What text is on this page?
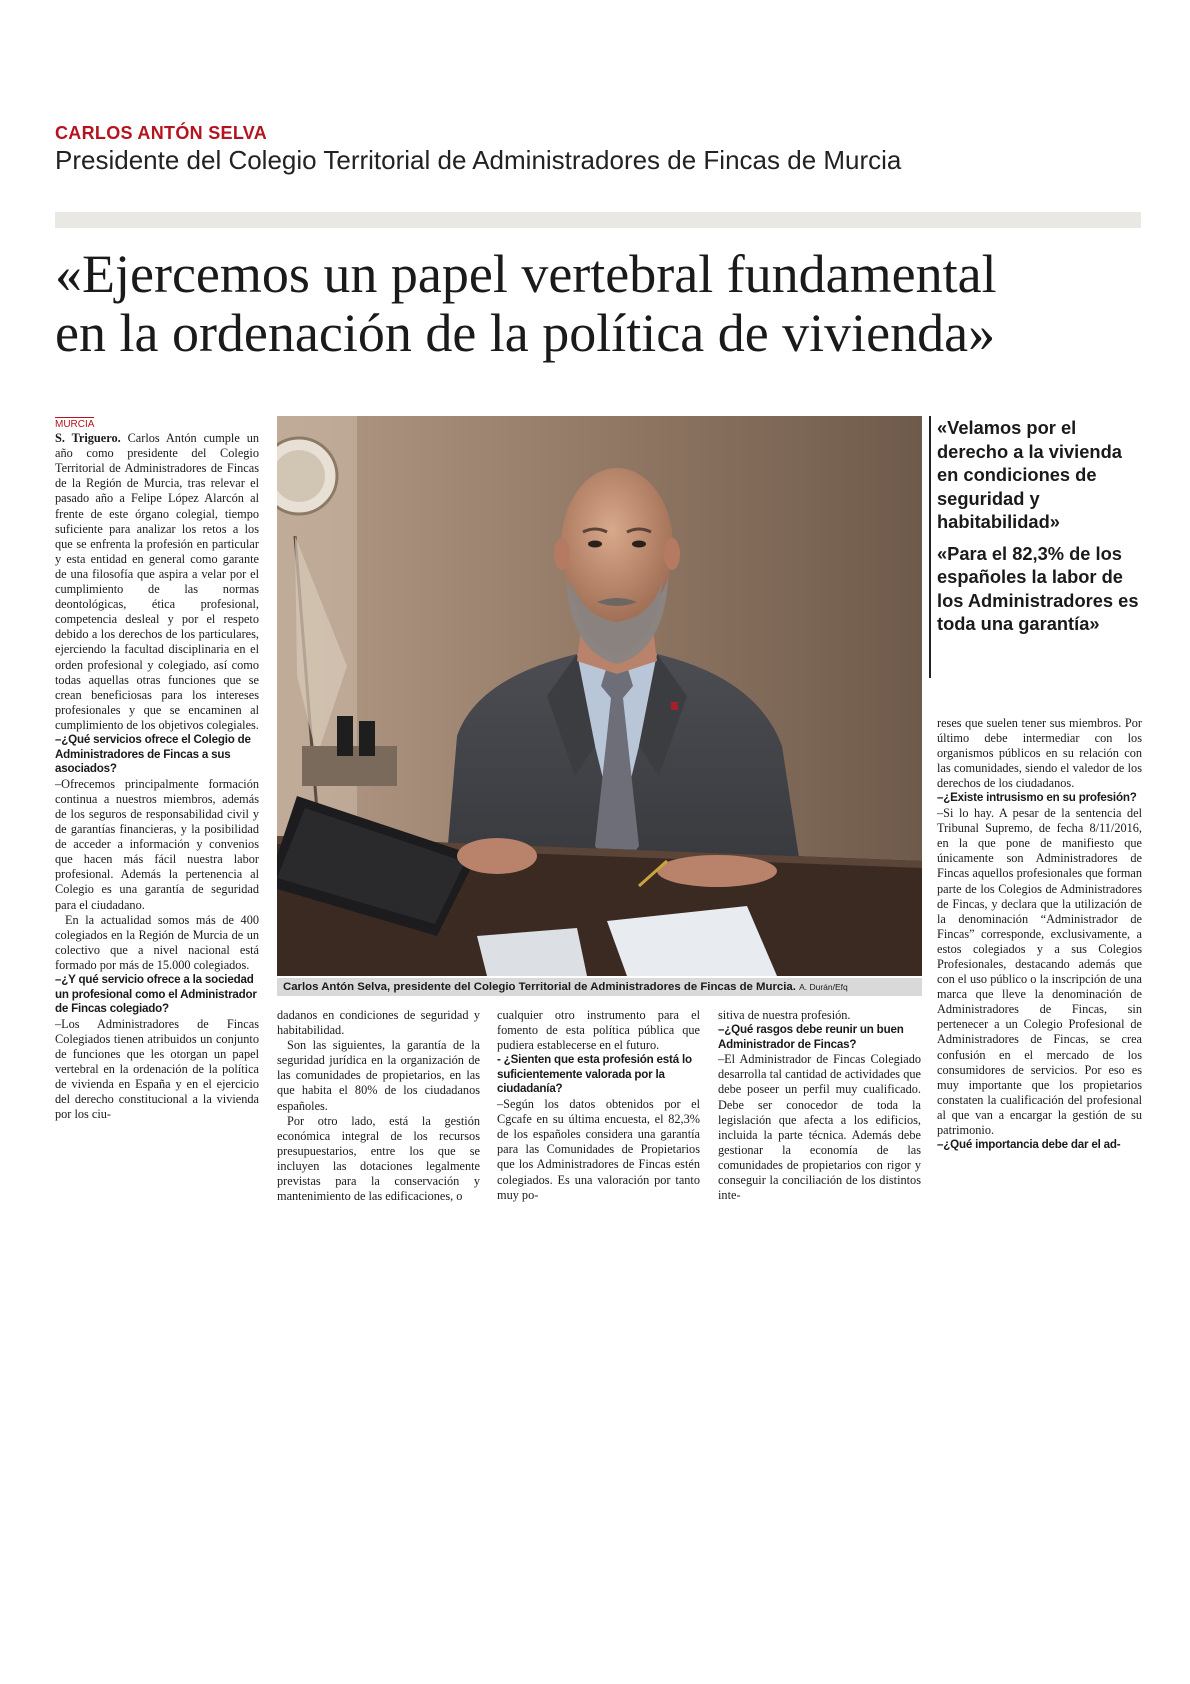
CARLOS ANTÓN SELVA
Presidente del Colegio Territorial de Administradores de Fincas de Murcia
«Ejercemos un papel vertebral fundamental
en la ordenación de la política de vivienda»
MURCIA

S. Triguero. Carlos Antón cumple un año como presidente del Colegio Territorial de Administradores de Fincas de la Región de Murcia, tras relevar el pasado año a Felipe López Alarcón al frente de este órgano colegial, tiempo suficiente para analizar los retos a los que se enfrenta la profesión en particular y esta entidad en general como garante de una filosofía que aspira a velar por el cumplimiento de las normas deontológicas, ética profesional, competencia desleal y por el respeto debido a los derechos de los particulares, ejerciendo la facultad disciplinaria en el orden profesional y colegiado, así como todas aquellas otras funciones que se crean beneficiosas para los intereses profesionales y que se encaminen al cumplimiento de los objetivos colegiales.

–¿Qué servicios ofrece el Colegio de Administradores de Fincas a sus asociados?

–Ofrecemos principalmente formación continua a nuestros miembros, además de los seguros de responsabilidad civil y de garantías financieras, y la posibilidad de acceder a información y convenios que hacen más fácil nuestra labor profesional. Además la pertenencia al Colegio es una garantía de seguridad para el ciudadano.

En la actualidad somos más de 400 colegiados en la Región de Murcia de un colectivo que a nivel nacional está formado por más de 15.000 colegiados.

–¿Y qué servicio ofrece a la sociedad un profesional como el Administrador de Fincas colegiado?

–Los Administradores de Fincas Colegiados tienen atribuidos un conjunto de funciones que les otorgan un papel vertebral en la ordenación de la política de vivienda en España y en el ejercicio del derecho constitucional a la vivienda por los ciu-

Carlos Antón Selva, presidente del Colegio Territorial de Administradores de Fincas de Murcia. A. Durán/Efq

«Velamos por el derecho a la vivienda en condiciones de seguridad y habitabilidad»

«Para el 82,3% de los españoles la labor de los Administradores es toda una garantía»

dadanos en condiciones de seguridad y habitabilidad.

Son las siguientes, la garantía de la seguridad jurídica en la organización de las comunidades de propietarios, en las que habita el 80% de los ciudadanos españoles.

Por otro lado, está la gestión económica integral de los recursos presupuestarios, entre los que se incluyen las dotaciones legalmente previstas para la conservación y mantenimiento de las edificaciones, o

cualquier otro instrumento para el fomento de esta política pública que pudiera establecerse en el futuro.

- ¿Sienten que esta profesión está lo suficientemente valorada por la ciudadanía?

–Según los datos obtenidos por el Cgcafe en su última encuesta, el 82,3% de los españoles considera una garantía para las Comunidades de Propietarios que los Administradores de Fincas estén colegiados. Es una valoración por tanto muy po-

sitiva de nuestra profesión.

–¿Qué rasgos debe reunir un buen Administrador de Fincas?

–El Administrador de Fincas Colegiado desarrolla tal cantidad de actividades que debe poseer un perfil muy cualificado. Debe ser conocedor de toda la legislación que afecta a los edificios, incluida la parte técnica. Además debe gestionar la economía de las comunidades de propietarios con rigor y conseguir la conciliación de los distintos inte-

reses que suelen tener sus miembros. Por último debe intermediar con los organismos públicos en su relación con las comunidades, siendo el valedor de los derechos de los ciudadanos.

–¿Existe intrusismo en su profesión?

–Si lo hay. A pesar de la sentencia del Tribunal Supremo, de fecha 8/11/2016, en la que pone de manifiesto que únicamente son Administradores de Fincas aquellos profesionales que forman parte de los Colegios de Administradores de Fincas, y declara que la utilización de la denominación “Administrador de Fincas” corresponde, exclusivamente, a estos colegiados y a sus Colegios Profesionales, destacando además que con el uso público o la inscripción de una marca que lleve la denominación de Administradores de Fincas, sin pertenecer a un Colegio Profesional de Administradores de Fincas, se crea confusión en el mercado de los consumidores de servicios. Por eso es muy importante que los propietarios constaten la cualificación del profesional al que van a encargar la gestión de su patrimonio.

–¿Qué importancia debe dar el ad-
